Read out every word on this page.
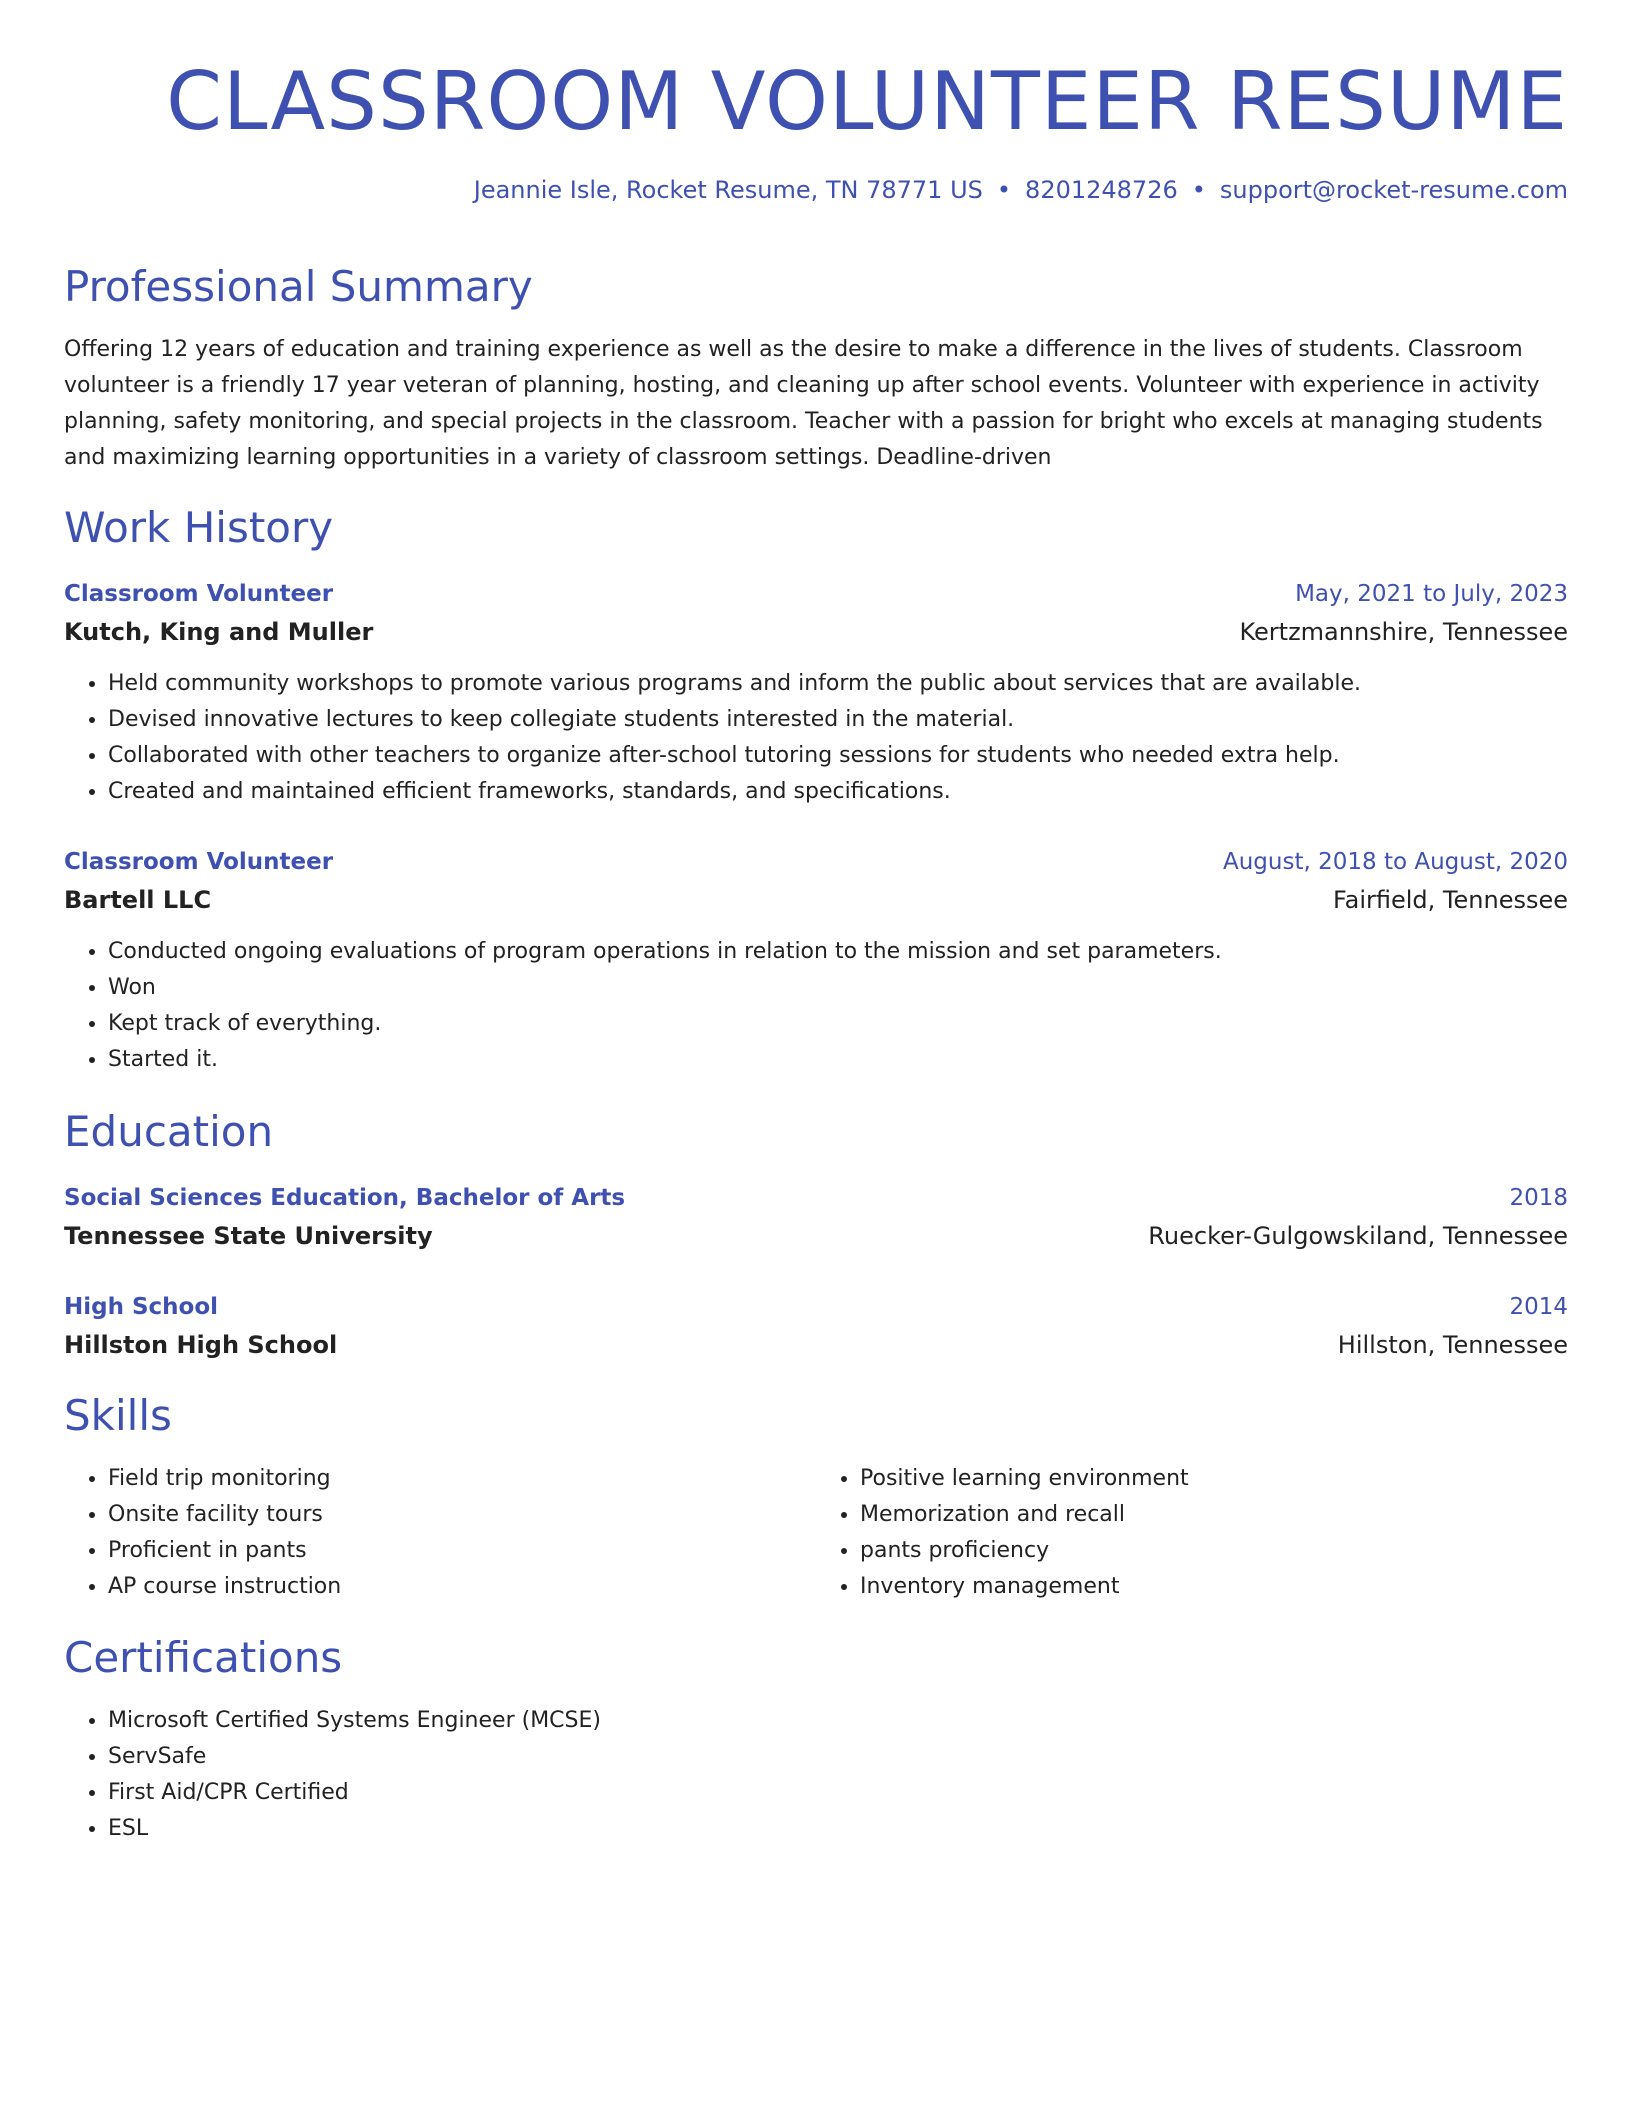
CLASSROOM VOLUNTEER RESUME
Jeannie Isle, Rocket Resume, TN 78771 US • 8201248726 • support@rocket-resume.com
Professional Summary

Offering 12 years of education and training experience as well as the desire to make a difference in the lives of students. Classroom volunteer is a friendly 17 year veteran of planning, hosting, and cleaning up after school events. Volunteer with experience in activity planning, safety monitoring, and special projects in the classroom. Teacher with a passion for bright who excels at managing students and maximizing learning opportunities in a variety of classroom settings. Deadline-driven

Work History
Classroom Volunteer	May, 2021 to July, 2023
Kutch, King and Muller	Kertzmannshire, Tennessee
• Held community workshops to promote various programs and inform the public about services that are available.
• Devised innovative lectures to keep collegiate students interested in the material.
• Collaborated with other teachers to organize after-school tutoring sessions for students who needed extra help.
• Created and maintained efficient frameworks, standards, and specifications.
Classroom Volunteer	August, 2018 to August, 2020
Bartell LLC	Fairfield, Tennessee
• Conducted ongoing evaluations of program operations in relation to the mission and set parameters.
• Won
• Kept track of everything.
• Started it.
Education
Social Sciences Education, Bachelor of Arts	2018
Tennessee State University	Ruecker-Gulgowskiland, Tennessee
High School	2014
Hillston High School	Hillston, Tennessee
Skills
• Field trip monitoring
• Onsite facility tours
• Proficient in pants
• AP course instruction
• Positive learning environment
• Memorization and recall
• pants proficiency
• Inventory management
Certifications
• Microsoft Certified Systems Engineer (MCSE)
• ServSafe
• First Aid/CPR Certified
• ESL
